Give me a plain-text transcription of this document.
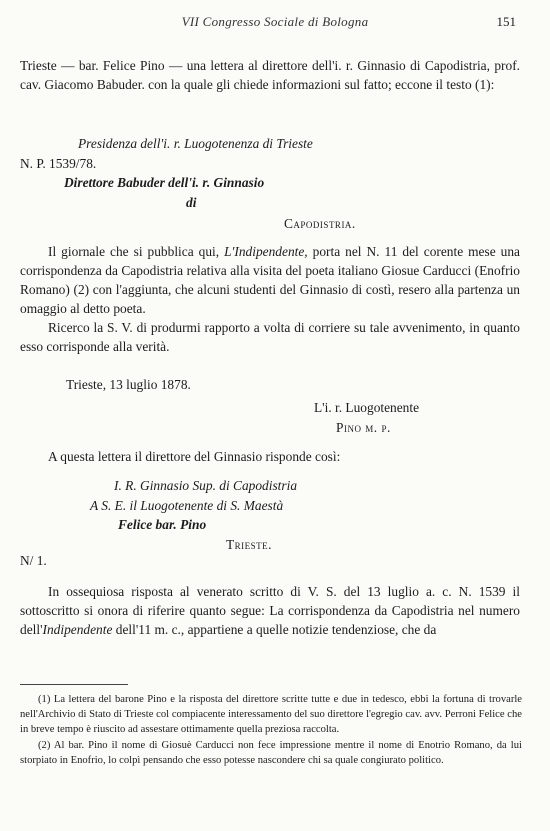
VII Congresso Sociale di Bologna	151

Trieste — bar. Felice Pino — una lettera al direttore dell'i. r. Ginnasio di Capodistria, prof. cav. Giacomo Babuder. con la quale gli chiede informazioni sul fatto; eccone il testo (1):

Presidenza dell'i. r. Luogotenenza di Trieste
N. P. 1539/78.
Direttore Babuder dell'i. r. Ginnasio
di
Capodistria.

Il giornale che si pubblica qui, L'Indipendente, porta nel N. 11 del corente mese una corrispondenza da Capodistria relativa alla visita del poeta italiano Giosue Carducci (Enofrio Romano) (2) con l'aggiunta, che alcuni studenti del Ginnasio di costì, resero alla partenza un omaggio al detto poeta.

Ricerco la S. V. di produrmi rapporto a volta di corriere su tale avvenimento, in quanto esso corrisponde alla verità.

Trieste, 13 luglio 1878.
L'i. r. Luogotenente
Pino m. p.
A questa lettera il direttore del Ginnasio risponde così:
I. R. Ginnasio Sup. di Capodistria
A S. E. il Luogotenente di S. Maestà
Felice bar. Pino
Trieste.
N/ 1.

In ossequiosa risposta al venerato scritto di V. S. del 13 luglio a. c. N. 1539 il sottoscritto si onora di riferire quanto segue: La corrispondenza da Capodistria nel numero dell'Indipendente dell'11 m. c., appartiene a quelle notizie tendenziose, che da

(1) La lettera del barone Pino e la risposta del direttore scritte tutte e due in tedesco, ebbi la fortuna di trovarle nell'Archivio di Stato di Trieste col compiacente interessamento del suo direttore l'egregio cav. avv. Perroni Felice che in breve tempo è riuscito ad assestare ottimamente quella preziosa raccolta.

(2) Al bar. Pino il nome di Giosuè Carducci non fece impressione mentre il nome di Enotrio Romano, da lui storpiato in Enofrio, lo colpì pensando che esso potesse nascondere chi sa quale congiurato politico.
